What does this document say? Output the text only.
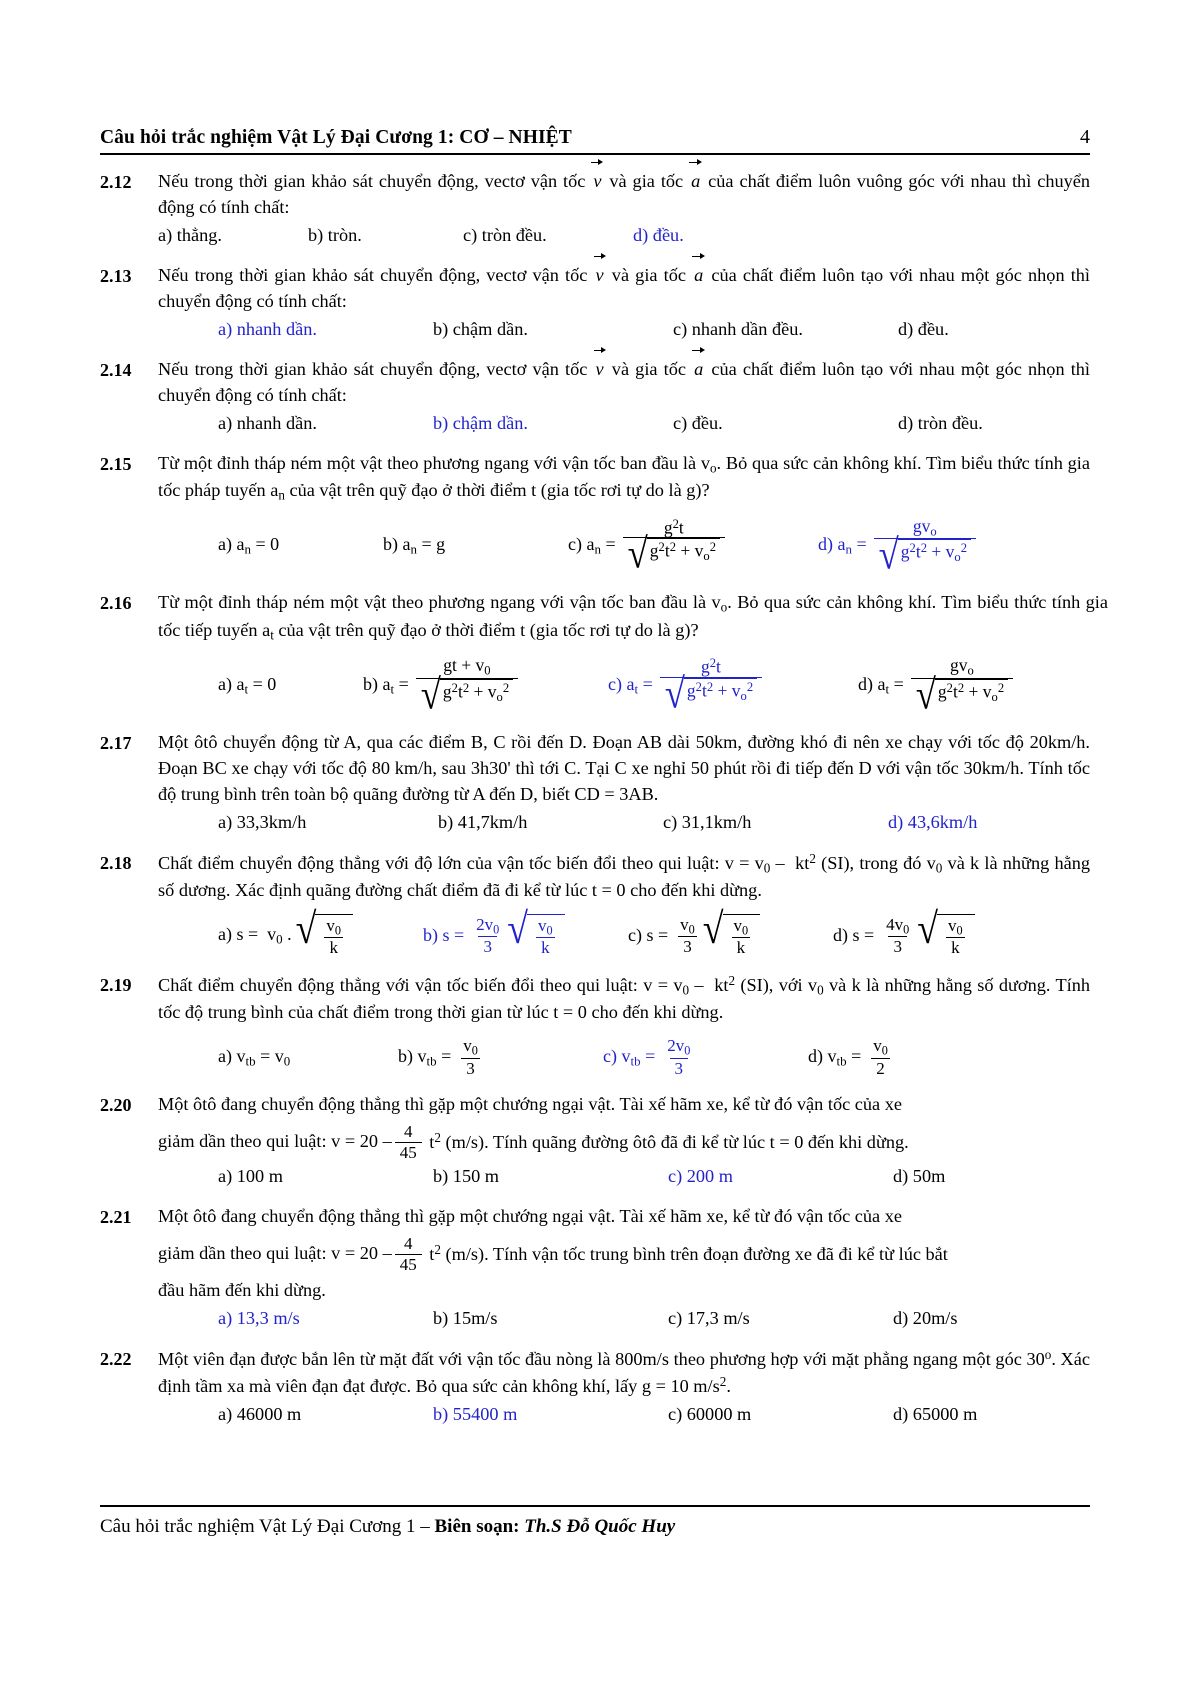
Câu hỏi trắc nghiệm Vật Lý Đại Cương 1: CƠ – NHIỆT	4
2.12	Nếu trong thời gian khảo sát chuyển động, vectơ vận tốc v và gia tốc a của chất điểm luôn vuông góc với nhau thì chuyển động có tính chất:
a) thẳng.	b) tròn.	c) tròn đều.	d) đều.
2.13	Nếu trong thời gian khảo sát chuyển động, vectơ vận tốc v và gia tốc a của chất điểm luôn tạo với nhau một góc nhọn thì chuyển động có tính chất:
a) nhanh dần.	b) chậm dần.	c) nhanh dần đều.	d) đều.
2.14	Nếu trong thời gian khảo sát chuyển động, vectơ vận tốc v và gia tốc a của chất điểm luôn tạo với nhau một góc nhọn thì chuyển động có tính chất:
a) nhanh dần.	b) chậm dần.	c) đều.	d) tròn đều.
2.15	Từ một đỉnh tháp ném một vật theo phương ngang với vận tốc ban đầu là $v_o$. Bỏ qua sức cản không khí. Tìm biểu thức tính gia tốc pháp tuyến $a_n$ của vật trên quỹ đạo ở thời điểm t (gia tốc rơi tự do là g)?
a) $a_n = 0$	b) $a_n = g$	c) $a_n = \frac{g^2t}{√ g^2t^2 + v_o^2}$	d) $a_n = \frac{gv_o}{√ g^2t^2 + v_o^2}$
2.16	Từ một đỉnh tháp ném một vật theo phương ngang với vận tốc ban đầu là $v_o$. Bỏ qua sức cản không khí. Tìm biểu thức tính gia tốc tiếp tuyến $a_t$ của vật trên quỹ đạo ở thời điểm t (gia tốc rơi tự do là g)?
a) $a_t = 0$	b) $a_t = \frac{gt + v_0}{√ g^2t^2 + v_o^2}$	c) $a_t = \frac{g^2t}{√ g^2t^2 + v_o^2}$	d) $a_t = \frac{gv_o}{√ g^2t^2 + v_o^2}$
2.17	Một ôtô chuyển động từ A, qua các điểm B, C rồi đến D. Đoạn AB dài 50km, đường khó đi nên xe chạy với tốc độ 20km/h. Đoạn BC xe chạy với tốc độ 80 km/h, sau 3h30' thì tới C. Tại C xe nghỉ 50 phút rồi đi tiếp đến D với vận tốc 30km/h. Tính tốc độ trung bình trên toàn bộ quãng đường từ A đến D, biết CD = 3AB.
a) 33,3km/h	b) 41,7km/h	c) 31,1km/h	d) 43,6km/h
2.18	Chất điểm chuyển động thẳng với độ lớn của vận tốc biến đổi theo qui luật: $v = v_0 - kt^2$ (SI), trong đó $v_0$ và k là những hằng số dương. Xác định quãng đường chất điểm đã đi kể từ lúc t = 0 cho đến khi dừng.
a) $s = v_0$ . √ $\frac{v_0}{k}$	b) $s = \frac{2v_0}{3}$ √ $\frac{v_0}{k}$	c) $s = \frac{v_0}{3}$ √ $\frac{v_0}{k}$	d) $s = \frac{4v_0}{3}$ √ $\frac{v_0}{k}$
2.19	Chất điểm chuyển động thẳng với vận tốc biến đổi theo qui luật: $v = v_0 - kt^2$ (SI), với $v_0$ và k là những hằng số dương. Tính tốc độ trung bình của chất điểm trong thời gian từ lúc t = 0 cho đến khi dừng.
a) $v_{tb} = v_0$	b) $v_{tb} = \frac{v_0}{3}$	c) $v_{tb} = \frac{2v_0}{3}$	d) $v_{tb} = \frac{v_0}{2}$
2.20	Một ôtô đang chuyển động thẳng thì gặp một chướng ngại vật. Tài xế hãm xe, kể từ đó vận tốc của xe
giảm dần theo qui luật: $v = 20 - \frac{4}{45} t^2$ (m/s). Tính quãng đường ôtô đã đi kể từ lúc t = 0 đến khi dừng.
a) 100 m	b) 150 m	c) 200 m	d) 50m
2.21	Một ôtô đang chuyển động thẳng thì gặp một chướng ngại vật. Tài xế hãm xe, kể từ đó vận tốc của xe
giảm dần theo qui luật: $v = 20 - \frac{4}{45} t^2$ (m/s). Tính vận tốc trung bình trên đoạn đường xe đã đi kể từ lúc bắt
đầu hãm đến khi dừng.
a) 13,3 m/s	b) 15m/s	c) 17,3 m/s	d) 20m/s
2.22	Một viên đạn được bắn lên từ mặt đất với vận tốc đầu nòng là 800m/s theo phương hợp với mặt phẳng ngang một góc 30$^o$. Xác định tầm xa mà viên đạn đạt được. Bỏ qua sức cản không khí, lấy g = 10 $m/s^2$.
a) 46000 m	b) 55400 m	c) 60000 m	d) 65000 m
Câu hỏi trắc nghiệm Vật Lý Đại Cương 1 – Biên soạn: Th.S Đỗ Quốc Huy
